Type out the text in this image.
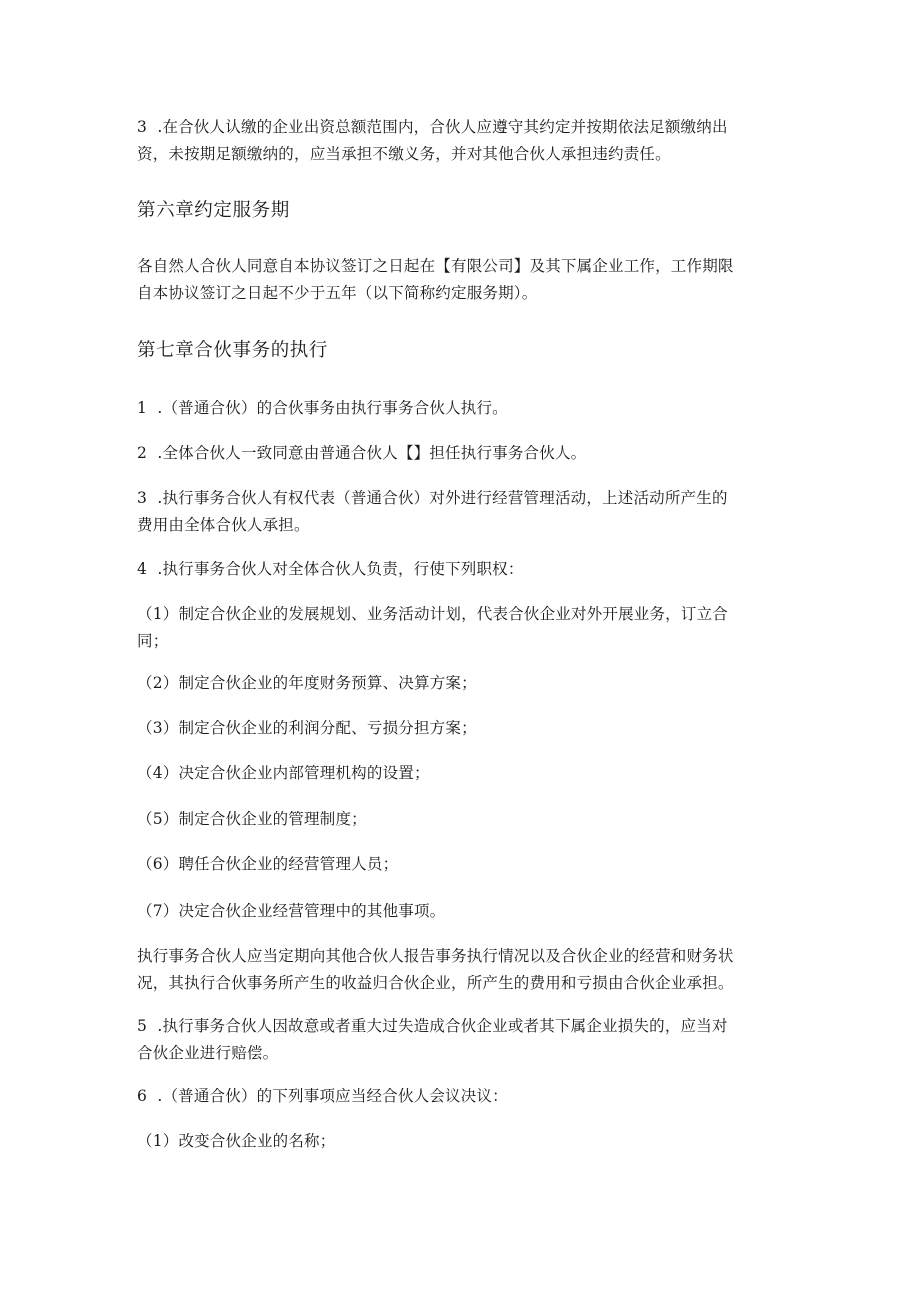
3  .在合伙人认缴的企业出资总额范围内，合伙人应遵守其约定并按期依法足额缴纳出
资，未按期足额缴纳的，应当承担不缴义务，并对其他合伙人承担违约责任。
第六章约定服务期
各自然人合伙人同意自本协议签订之日起在【有限公司】及其下属企业工作，工作期限
自本协议签订之日起不少于五年（以下简称约定服务期）。
第七章合伙事务的执行
1  .（普通合伙）的合伙事务由执行事务合伙人执行。
2  .全体合伙人一致同意由普通合伙人【】担任执行事务合伙人。
3  .执行事务合伙人有权代表（普通合伙）对外进行经营管理活动，上述活动所产生的
费用由全体合伙人承担。
4  .执行事务合伙人对全体合伙人负责，行使下列职权：
（1）制定合伙企业的发展规划、业务活动计划，代表合伙企业对外开展业务，订立合
同；
（2）制定合伙企业的年度财务预算、决算方案；
（3）制定合伙企业的利润分配、亏损分担方案；
（4）决定合伙企业内部管理机构的设置；
（5）制定合伙企业的管理制度；
（6）聘任合伙企业的经营管理人员；
（7）决定合伙企业经营管理中的其他事项。
执行事务合伙人应当定期向其他合伙人报告事务执行情况以及合伙企业的经营和财务状
况，其执行合伙事务所产生的收益归合伙企业，所产生的费用和亏损由合伙企业承担。
5  .执行事务合伙人因故意或者重大过失造成合伙企业或者其下属企业损失的，应当对
合伙企业进行赔偿。
6  .（普通合伙）的下列事项应当经合伙人会议决议：
（1）改变合伙企业的名称；
